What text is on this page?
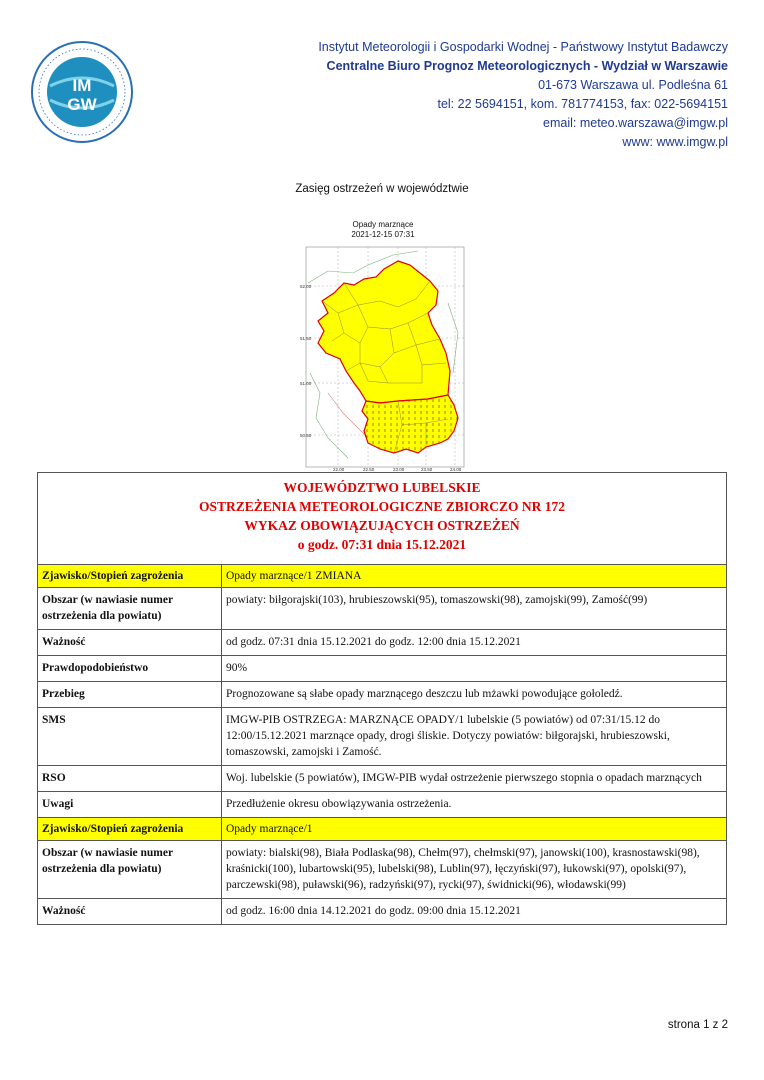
IM
GW
Instytut Meteorologii i Gospodarki Wodnej - Państwowy Instytut Badawczy
Centralne Biuro Prognoz Meteorologicznych - Wydział w Warszawie
01-673 Warszawa ul. Podleśna 61
tel: 22 5694151, kom. 781774153, fax: 022-5694151
email: meteo.warszawa@imgw.pl
www: www.imgw.pl
Zasięg ostrzeżeń w województwie
Opady marznące
2021-12-15 07:31
52.00
51.50
51.00
50.50
22.00	22.50	23.00	23.50	24.00
WOJEWÓDZTWO LUBELSKIE
OSTRZEŻENIA METEOROLOGICZNE ZBIORCZO NR 172
WYKAZ OBOWIĄZUJĄCYCH OSTRZEŻEŃ
o godz. 07:31 dnia 15.12.2021	

Zjawisko/Stopień zagrożenia	Opady marznące/1 ZMIANA
Obszar (w nawiasie numer ostrzeżenia dla powiatu)	powiaty: biłgorajski(103), hrubieszowski(95), tomaszowski(98), zamojski(99), Zamość(99)
Ważność	od godz. 07:31 dnia 15.12.2021 do godz. 12:00 dnia 15.12.2021
Prawdopodobieństwo	90%
Przebieg	Prognozowane są słabe opady marznącego deszczu lub mżawki powodujące gołoledź.
SMS	IMGW-PIB OSTRZEGA: MARZNĄCE OPADY/1 lubelskie (5 powiatów) od 07:31/15.12 do 12:00/15.12.2021 marznące opady, drogi śliskie. Dotyczy powiatów: biłgorajski, hrubieszowski, tomaszowski, zamojski i Zamość.
RSO	Woj. lubelskie (5 powiatów), IMGW-PIB wydał ostrzeżenie pierwszego stopnia o opadach marznących
Uwagi	Przedłużenie okresu obowiązywania ostrzeżenia.
Zjawisko/Stopień zagrożenia	Opady marznące/1
Obszar (w nawiasie numer ostrzeżenia dla powiatu)	powiaty: bialski(98), Biała Podlaska(98), Chełm(97), chełmski(97), janowski(100), krasnostawski(98), kraśnicki(100), lubartowski(95), lubelski(98), Lublin(97), łęczyński(97), łukowski(97), opolski(97), parczewski(98), puławski(96), radzyński(97), rycki(97), świdnicki(96), włodawski(99)
Ważność	od godz. 16:00 dnia 14.12.2021 do godz. 09:00 dnia 15.12.2021
strona 1 z 2
